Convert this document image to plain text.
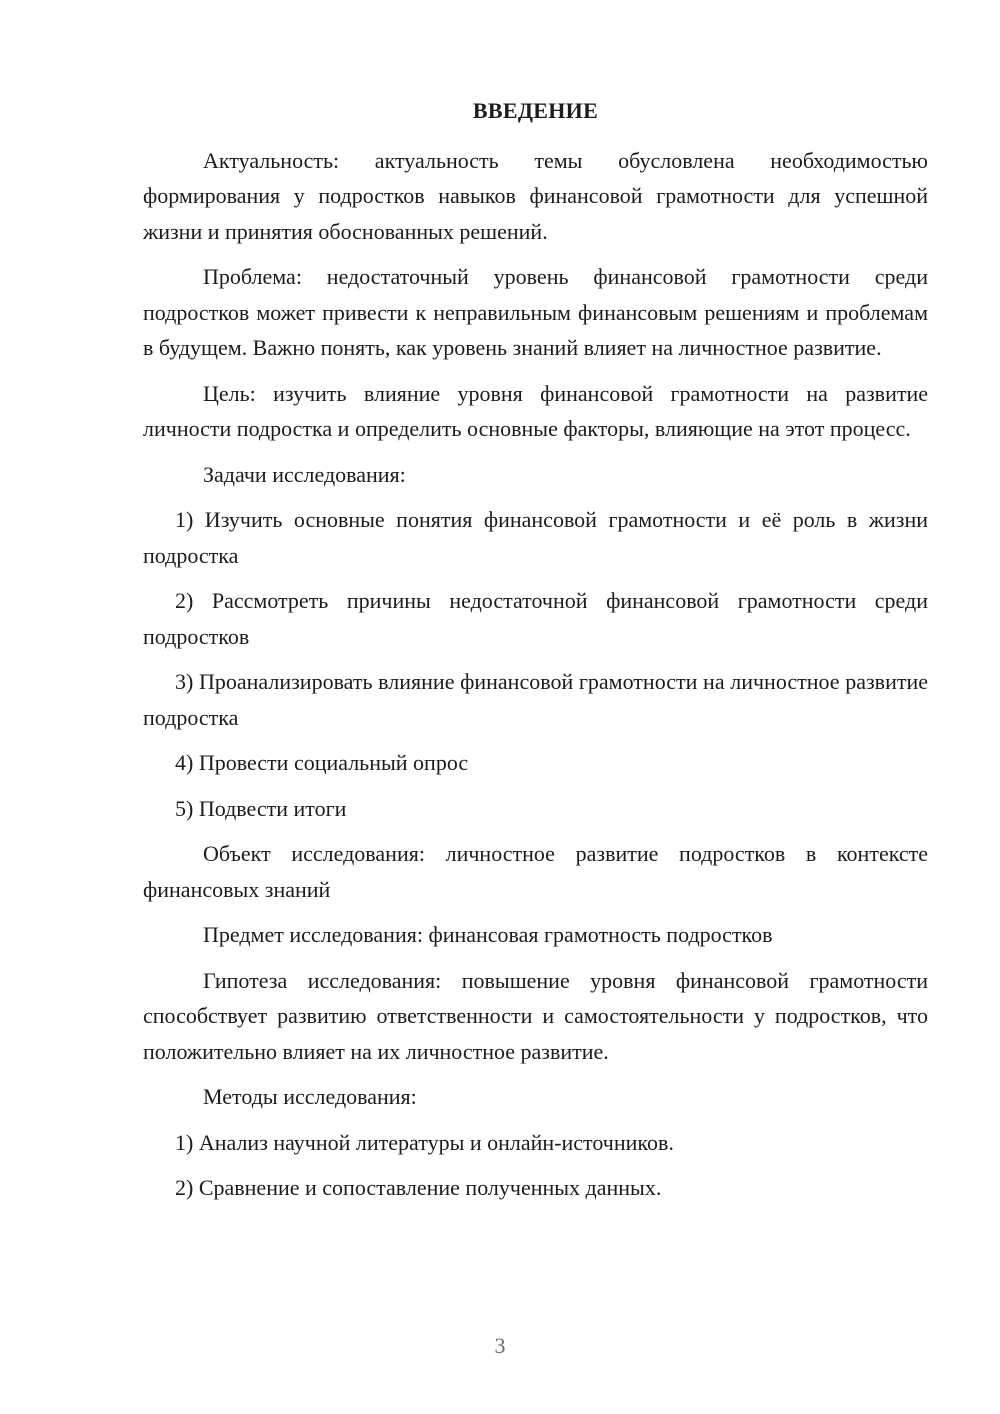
ВВЕДЕНИЕ

Актуальность: актуальность темы обусловлена необходимостью формирования у подростков навыков финансовой грамотности для успешной жизни и принятия обоснованных решений.

Проблема: недостаточный уровень финансовой грамотности среди подростков может привести к неправильным финансовым решениям и проблемам в будущем. Важно понять, как уровень знаний влияет на личностное развитие.

Цель: изучить влияние уровня финансовой грамотности на развитие личности подростка и определить основные факторы, влияющие на этот процесс.

Задачи исследования:

1) Изучить основные понятия финансовой грамотности и её роль в жизни подростка

2) Рассмотреть причины недостаточной финансовой грамотности среди подростков

3) Проанализировать влияние финансовой грамотности на личностное развитие подростка

4) Провести социальный опрос

5) Подвести итоги

Объект исследования: личностное развитие подростков в контексте финансовых знаний

Предмет исследования: финансовая грамотность подростков

Гипотеза исследования: повышение уровня финансовой грамотности способствует развитию ответственности и самостоятельности у подростков, что положительно влияет на их личностное развитие.

Методы исследования:

1) Анализ научной литературы и онлайн-источников.

2) Сравнение и сопоставление полученных данных.

3
